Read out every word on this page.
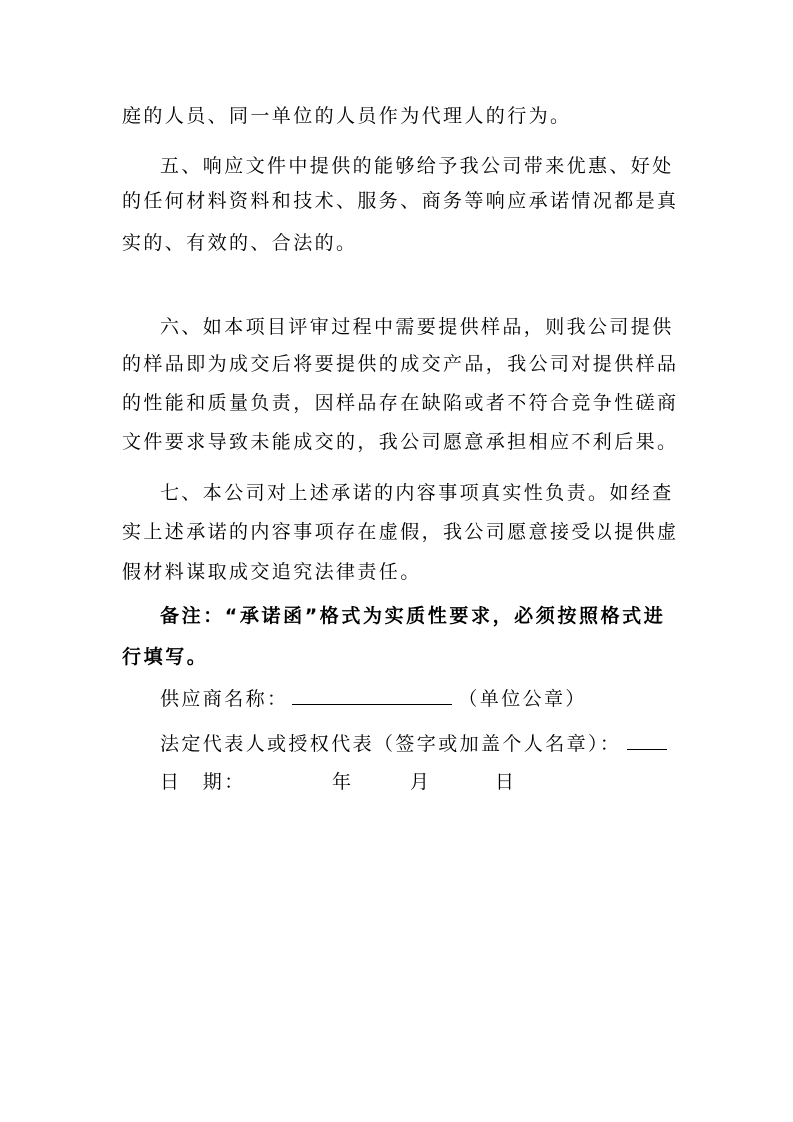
庭的人员、同一单位的人员作为代理人的行为。
五、响应文件中提供的能够给予我公司带来优惠、好处
的任何材料资料和技术、服务、商务等响应承诺情况都是真
实的、有效的、合法的。
六、如本项目评审过程中需要提供样品，则我公司提供
的样品即为成交后将要提供的成交产品，我公司对提供样品
的性能和质量负责，因样品存在缺陷或者不符合竞争性磋商
文件要求导致未能成交的，我公司愿意承担相应不利后果。
七、本公司对上述承诺的内容事项真实性负责。如经查
实上述承诺的内容事项存在虚假，我公司愿意接受以提供虚
假材料谋取成交追究法律责任。
备注：“承诺函”格式为实质性要求，必须按照格式进
行填写。
供应商名称：	（单位公章）
法定代表人或授权代表（签字或加盖个人名章）：
日　期：	年	月	日
